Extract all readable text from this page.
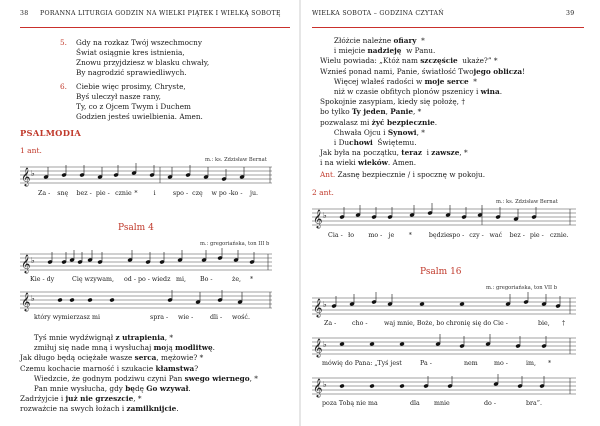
38 PORANNA LITURGIA GODZIN NA WIELKI PIĄTEK I WIELKĄ SOBOTĘ
5. Gdy na rozkaz Twój wszechmocny
Świat osiągnie kres istnienia,
Znowu przyjdziesz w blasku chwały,
By nagrodzić sprawiedliwych.
6. Ciebie więc prosimy, Chryste,
Byś uleczył nasze rany,
Ty, co z Ojcem Twym i Duchem
Godzien jesteś uwielbienia. Amen.
PSALMODIA
1 ant.
m.: ks. Zdzisław Bernat
𝄞 ♭
Za - snę bez - pie - cznie *	i	spo - czę w po - ko - ju.
Psalm 4
m.: gregoriańska, ton III b
𝄞 ♭
Kie - dy	Cię wzywam, od - po - wiedz mi, Bo -	że, *
𝄞 ♭
który wymierzasz mi	spra - wie -	dli - wość.
Tyś mnie wydźwignął z utrapienia, *
zmiłuj się nade mną i wysłuchaj moją modlitwę.
Jak długo będą ociężałe wasze serca, mężowie? *
Czemu kochacie marność i szukacie kłamstwa?
Wiedzcie, że godnym podziwu czyni Pan swego wiernego, *
Pan mnie wysłucha, gdy będę Go wzywał.
Zadrżyjcie i już nie grzeszcie, *
rozważcie na swych łożach i zamilknijcie.
WIELKA SOBOTA – GODZINA CZYTAŃ	39
Złóżcie należne ofiary  *
i miejcie nadzieję  w Panu.
Wielu powiada: „Któż nam szczęście  ukaże?” *
Wznieś ponad nami, Panie, światłość Twojego oblicza!
Więcej wlałeś radości w moje serce  *
niż w czasie obfitych plonów pszenicy i wina.
Spokojnie zasypiam, kiedy się położę, †
bo tylko Ty jeden, Panie, *
pozwalasz mi żyć bezpiecznie.
Chwała Ojcu i Synowi, *
i Duchowi  Świętemu.
Jak była na początku, teraz  i zawsze, *
i na wieki wieków. Amen.
Ant. Zasnę bezpiecznie / i spocznę w pokoju.
2 ant.
m.: ks. Zdzisław Bernat
𝄞 ♭
Cia - ło mo - je *	będzie spo - czy - wać bez - pie - cznie.
Psalm 16
m.: gregoriańska, ton VII b
𝄞 ♭
Za - cho -	waj mnie, Boże, bo chronię się do Cie -	bie, †
𝄞 ♭
mówię do Pana: „Tyś jest	Pa -	nem	mo -	im, *
𝄞 ♭
poza Tobą nie ma	dla mnie	do -	bra”.
